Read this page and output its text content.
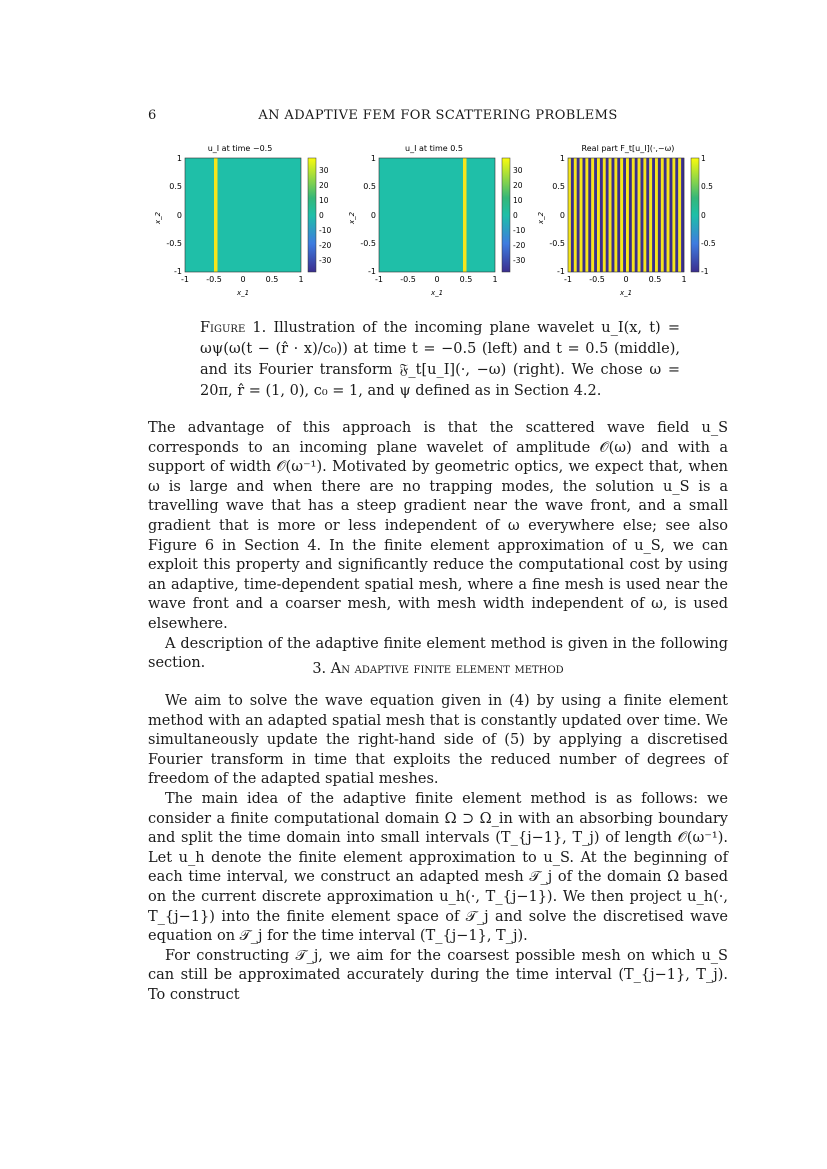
6	AN ADAPTIVE FEM FOR SCATTERING PROBLEMS
u_I at time −0.5
1
0.5
0
-0.5
-1
-1 -0.5 0	0.5	1
x_1
x_2
30
20
10
0
-10
-20
-30
u_I at time 0.5
1
0.5
0
-0.5
-1
-1 -0.5 0	0.5	1
x_1
x_2
30
20
10
0
-10
-20
-30
Real part F_t[u_I](·,−ω)
1
0.5
0
-0.5
-1
-1 -0.5 0	0.5	1
x_1
x_2
1
0.5
0
-0.5
-1
Figure 1. Illustration of the incoming plane wavelet u_I(x, t) = ωψ(ω(t − (r̂ · x)/c₀)) at time t = −0.5 (left) and t = 0.5 (middle), and its Fourier transform 𝔉_t[u_I](·, −ω) (right). We chose ω = 20π, r̂ = (1, 0), c₀ = 1, and ψ defined as in Section 4.2.

The advantage of this approach is that the scattered wave field u_S corresponds to an incoming plane wavelet of amplitude 𝒪(ω) and with a support of width 𝒪(ω⁻¹). Motivated by geometric optics, we expect that, when ω is large and when there are no trapping modes, the solution u_S is a travelling wave that has a steep gradient near the wave front, and a small gradient that is more or less independent of ω everywhere else; see also Figure 6 in Section 4. In the finite element approximation of u_S, we can exploit this property and significantly reduce the computational cost by using an adaptive, time-dependent spatial mesh, where a fine mesh is used near the wave front and a coarser mesh, with mesh width independent of ω, is used elsewhere.

A description of the adaptive finite element method is given in the following section.	3. An adaptive finite element method

We aim to solve the wave equation given in (4) by using a finite element method with an adapted spatial mesh that is constantly updated over time. We simultaneously update the right-hand side of (5) by applying a discretised Fourier transform in time that exploits the reduced number of degrees of freedom of the adapted spatial meshes.

The main idea of the adaptive finite element method is as follows: we consider a finite computational domain Ω ⊃ Ω_in with an absorbing boundary and split the time domain into small intervals (T_{j−1}, T_j) of length 𝒪(ω⁻¹). Let u_h denote the finite element approximation to u_S. At the beginning of each time interval, we construct an adapted mesh 𝒯_j of the domain Ω based on the current discrete approximation u_h(·, T_{j−1}). We then project u_h(·, T_{j−1}) into the finite element space of 𝒯_j and solve the discretised wave equation on 𝒯_j for the time interval (T_{j−1}, T_j).

For constructing 𝒯_j, we aim for the coarsest possible mesh on which u_S can still be approximated accurately during the time interval (T_{j−1}, T_j). To construct
